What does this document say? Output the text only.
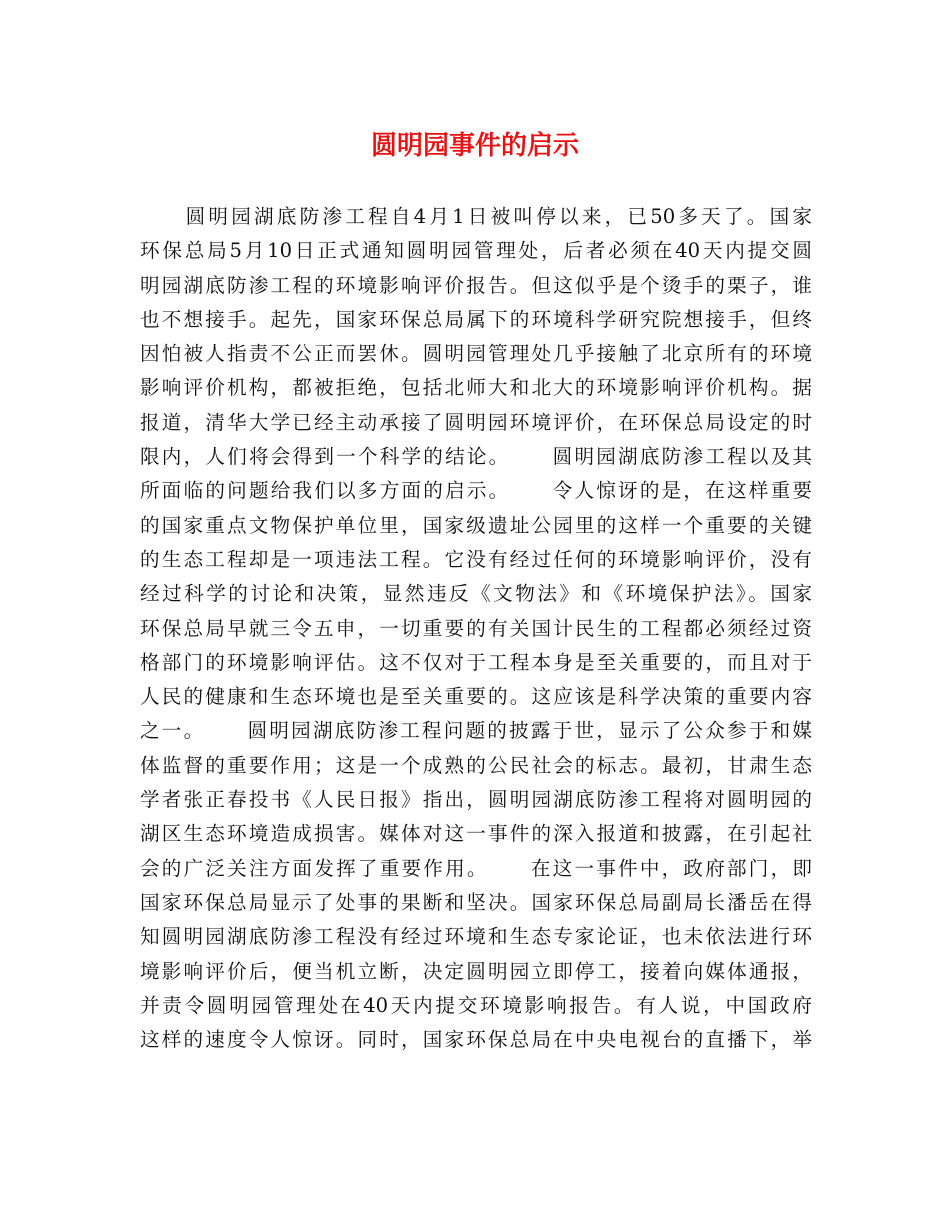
圆明园事件的启示
　　圆明园湖底防渗工程自4月1日被叫停以来，已50多天了。国家
环保总局5月10日正式通知圆明园管理处，后者必须在40天内提交圆
明园湖底防渗工程的环境影响评价报告。但这似乎是个烫手的栗子，谁
也不想接手。起先，国家环保总局属下的环境科学研究院想接手，但终
因怕被人指责不公正而罢休。圆明园管理处几乎接触了北京所有的环境
影响评价机构，都被拒绝，包括北师大和北大的环境影响评价机构。据
报道，清华大学已经主动承接了圆明园环境评价，在环保总局设定的时
限内，人们将会得到一个科学的结论。　　 圆明园湖底防渗工程以及其
所面临的问题给我们以多方面的启示。　　 令人惊讶的是，在这样重要
的国家重点文物保护单位里，国家级遗址公园里的这样一个重要的关键
的生态工程却是一项违法工程。它没有经过任何的环境影响评价，没有
经过科学的讨论和决策，显然违反《文物法》和《环境保护法》。国家
环保总局早就三令五申，一切重要的有关国计民生的工程都必须经过资
格部门的环境影响评估。这不仅对于工程本身是至关重要的，而且对于
人民的健康和生态环境也是至关重要的。这应该是科学决策的重要内容
之一。　　 圆明园湖底防渗工程问题的披露于世，显示了公众参于和媒
体监督的重要作用；这是一个成熟的公民社会的标志。最初，甘肃生态
学者张正春投书《人民日报》指出，圆明园湖底防渗工程将对圆明园的
湖区生态环境造成损害。媒体对这一事件的深入报道和披露，在引起社
会的广泛关注方面发挥了重要作用。　　 在这一事件中，政府部门，即
国家环保总局显示了处事的果断和坚决。国家环保总局副局长潘岳在得
知圆明园湖底防渗工程没有经过环境和生态专家论证，也未依法进行环
境影响评价后，便当机立断，决定圆明园立即停工，接着向媒体通报，
并责令圆明园管理处在40天内提交环境影响报告。有人说，中国政府
这样的速度令人惊讶。同时，国家环保总局在中央电视台的直播下，举
